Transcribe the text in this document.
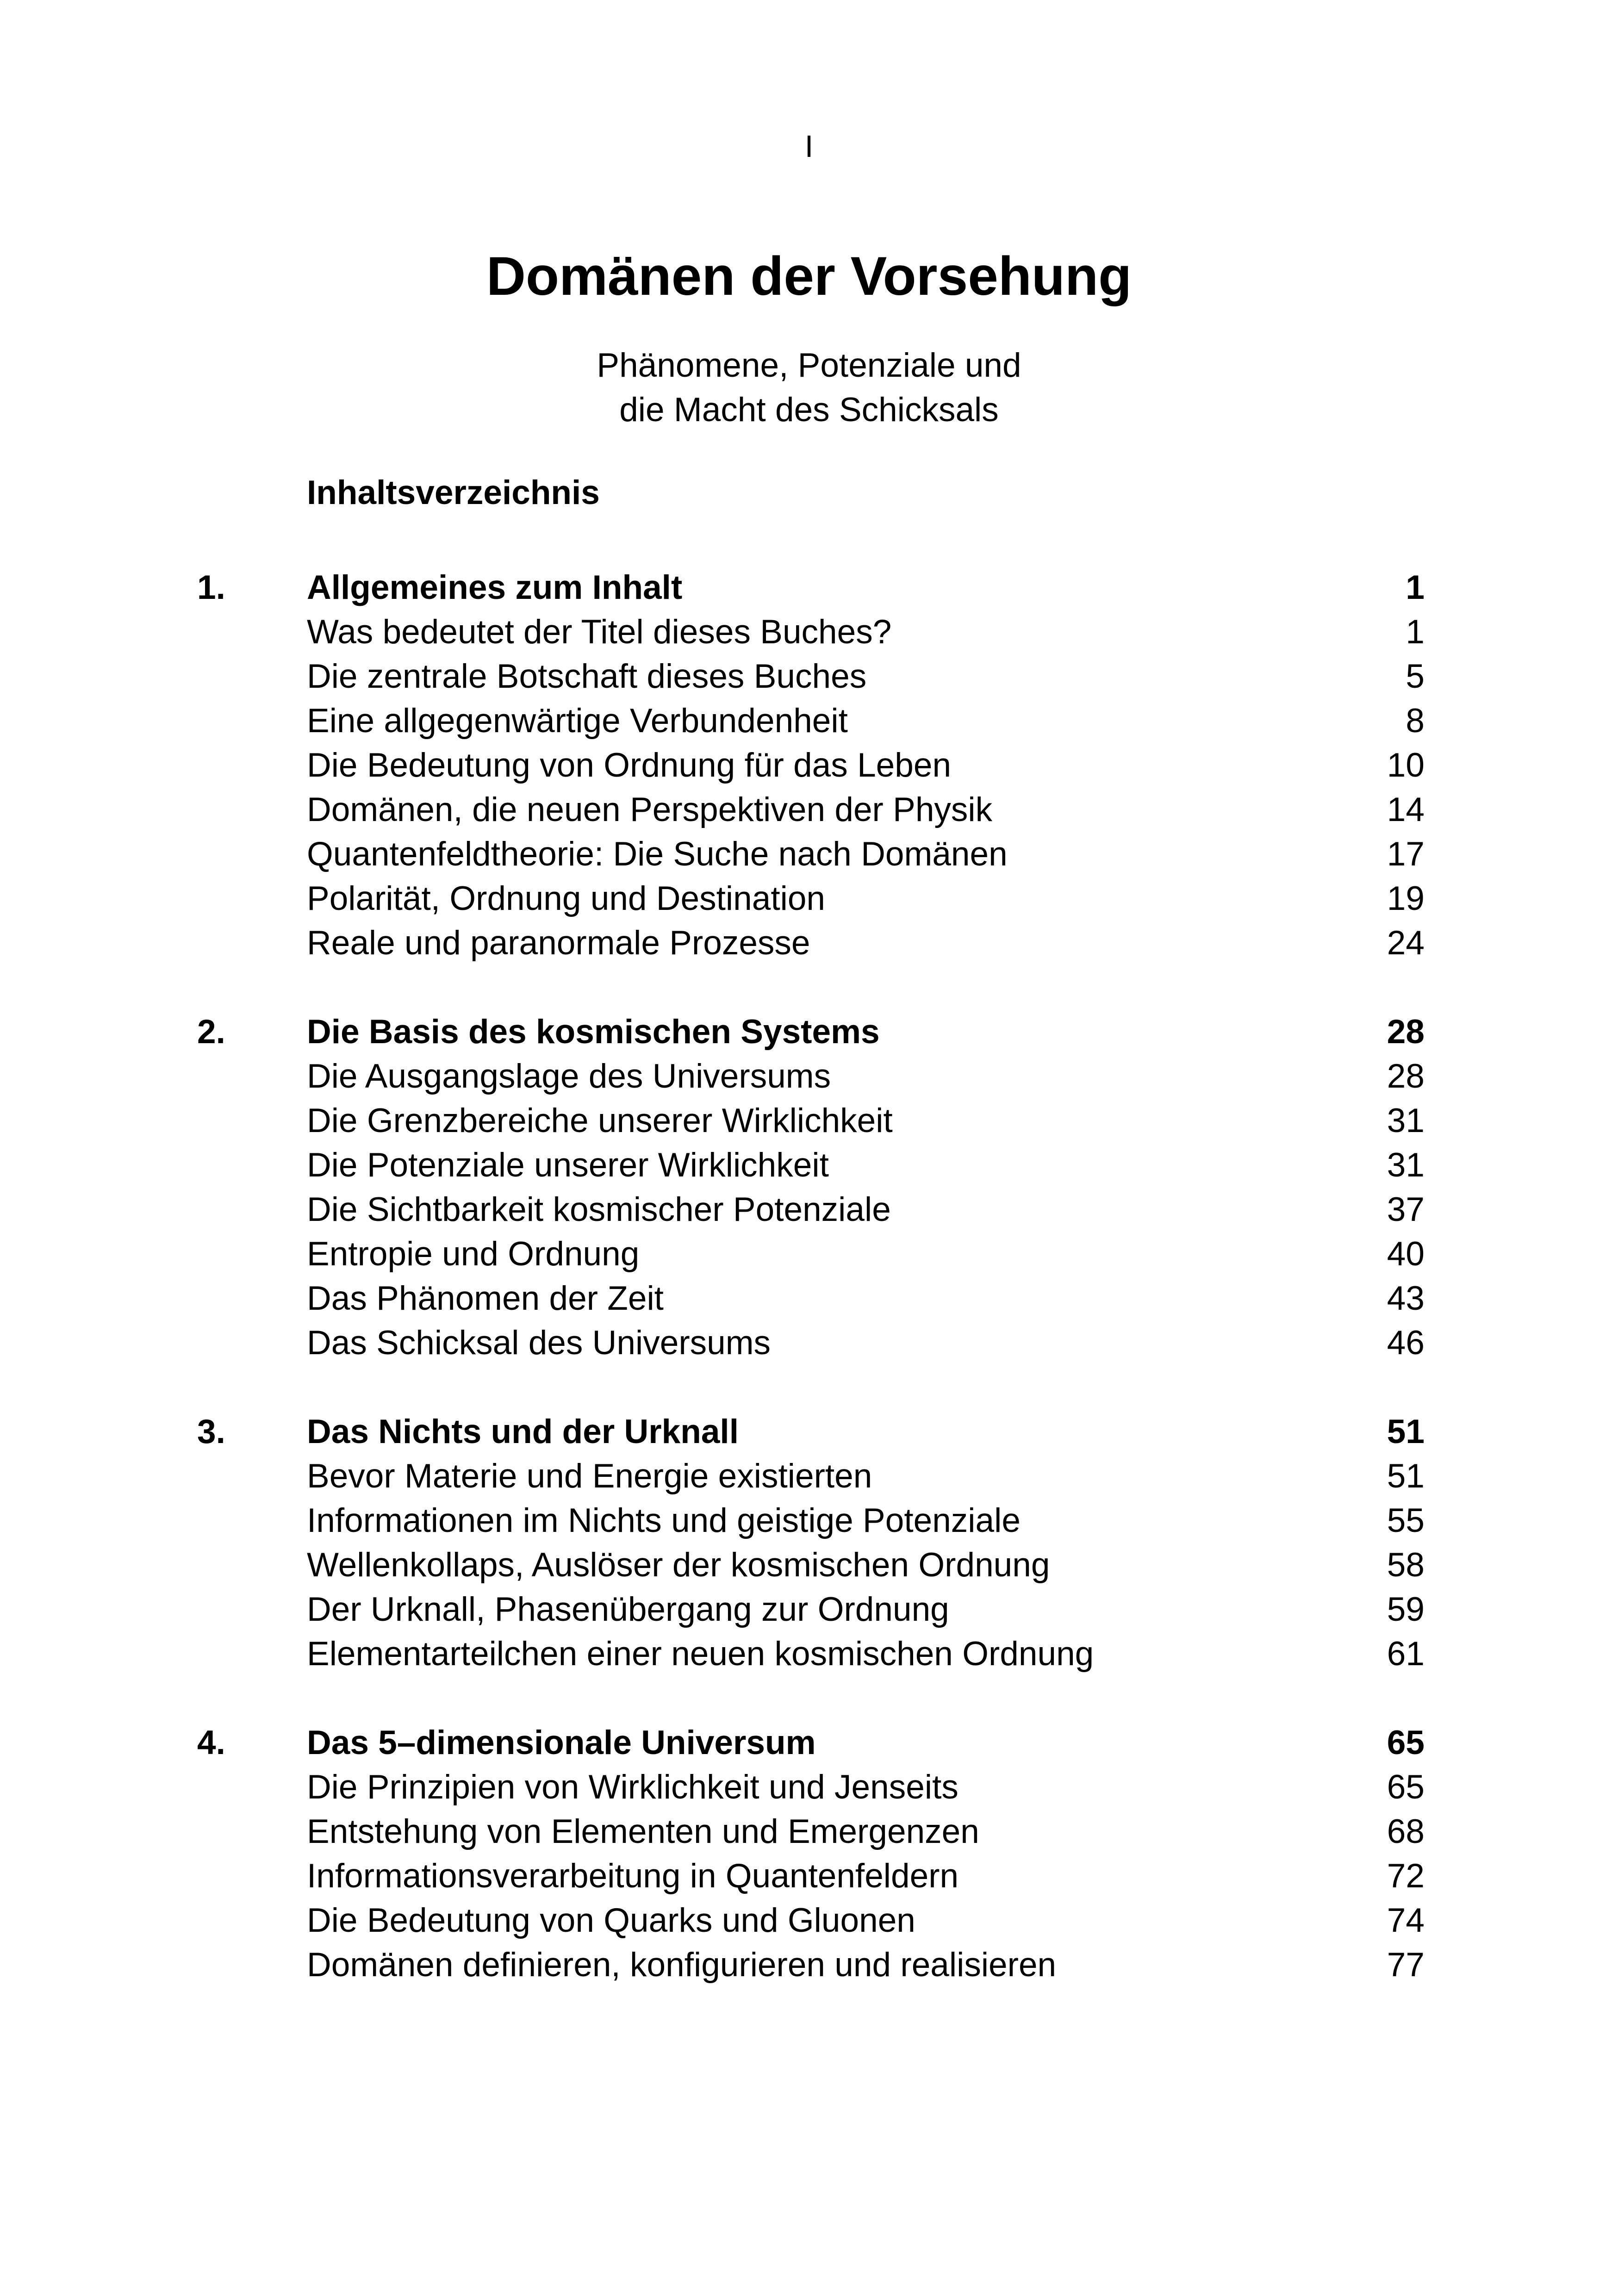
I
Domänen der Vorsehung
Phänomene, Potenziale und
die Macht des Schicksals
Inhaltsverzeichnis
1. Allgemeines zum Inhalt	1
Was bedeutet der Titel dieses Buches?	1
Die zentrale Botschaft dieses Buches	5
Eine allgegenwärtige Verbundenheit	8
Die Bedeutung von Ordnung für das Leben	10
Domänen, die neuen Perspektiven der Physik	14
Quantenfeldtheorie: Die Suche nach Domänen	17
Polarität, Ordnung und Destination	19
Reale und paranormale Prozesse	24
2. Die Basis des kosmischen Systems	28
Die Ausgangslage des Universums	28
Die Grenzbereiche unserer Wirklichkeit	31
Die Potenziale unserer Wirklichkeit	31
Die Sichtbarkeit kosmischer Potenziale	37
Entropie und Ordnung	40
Das Phänomen der Zeit	43
Das Schicksal des Universums	46
3. Das Nichts und der Urknall	51
Bevor Materie und Energie existierten	51
Informationen im Nichts und geistige Potenziale	55
Wellenkollaps, Auslöser der kosmischen Ordnung	58
Der Urknall, Phasenübergang zur Ordnung	59
Elementarteilchen einer neuen kosmischen Ordnung	61
4. Das 5–dimensionale Universum	65
Die Prinzipien von Wirklichkeit und Jenseits	65
Entstehung von Elementen und Emergenzen	68
Informationsverarbeitung in Quantenfeldern	72
Die Bedeutung von Quarks und Gluonen	74
Domänen definieren, konfigurieren und realisieren	77
